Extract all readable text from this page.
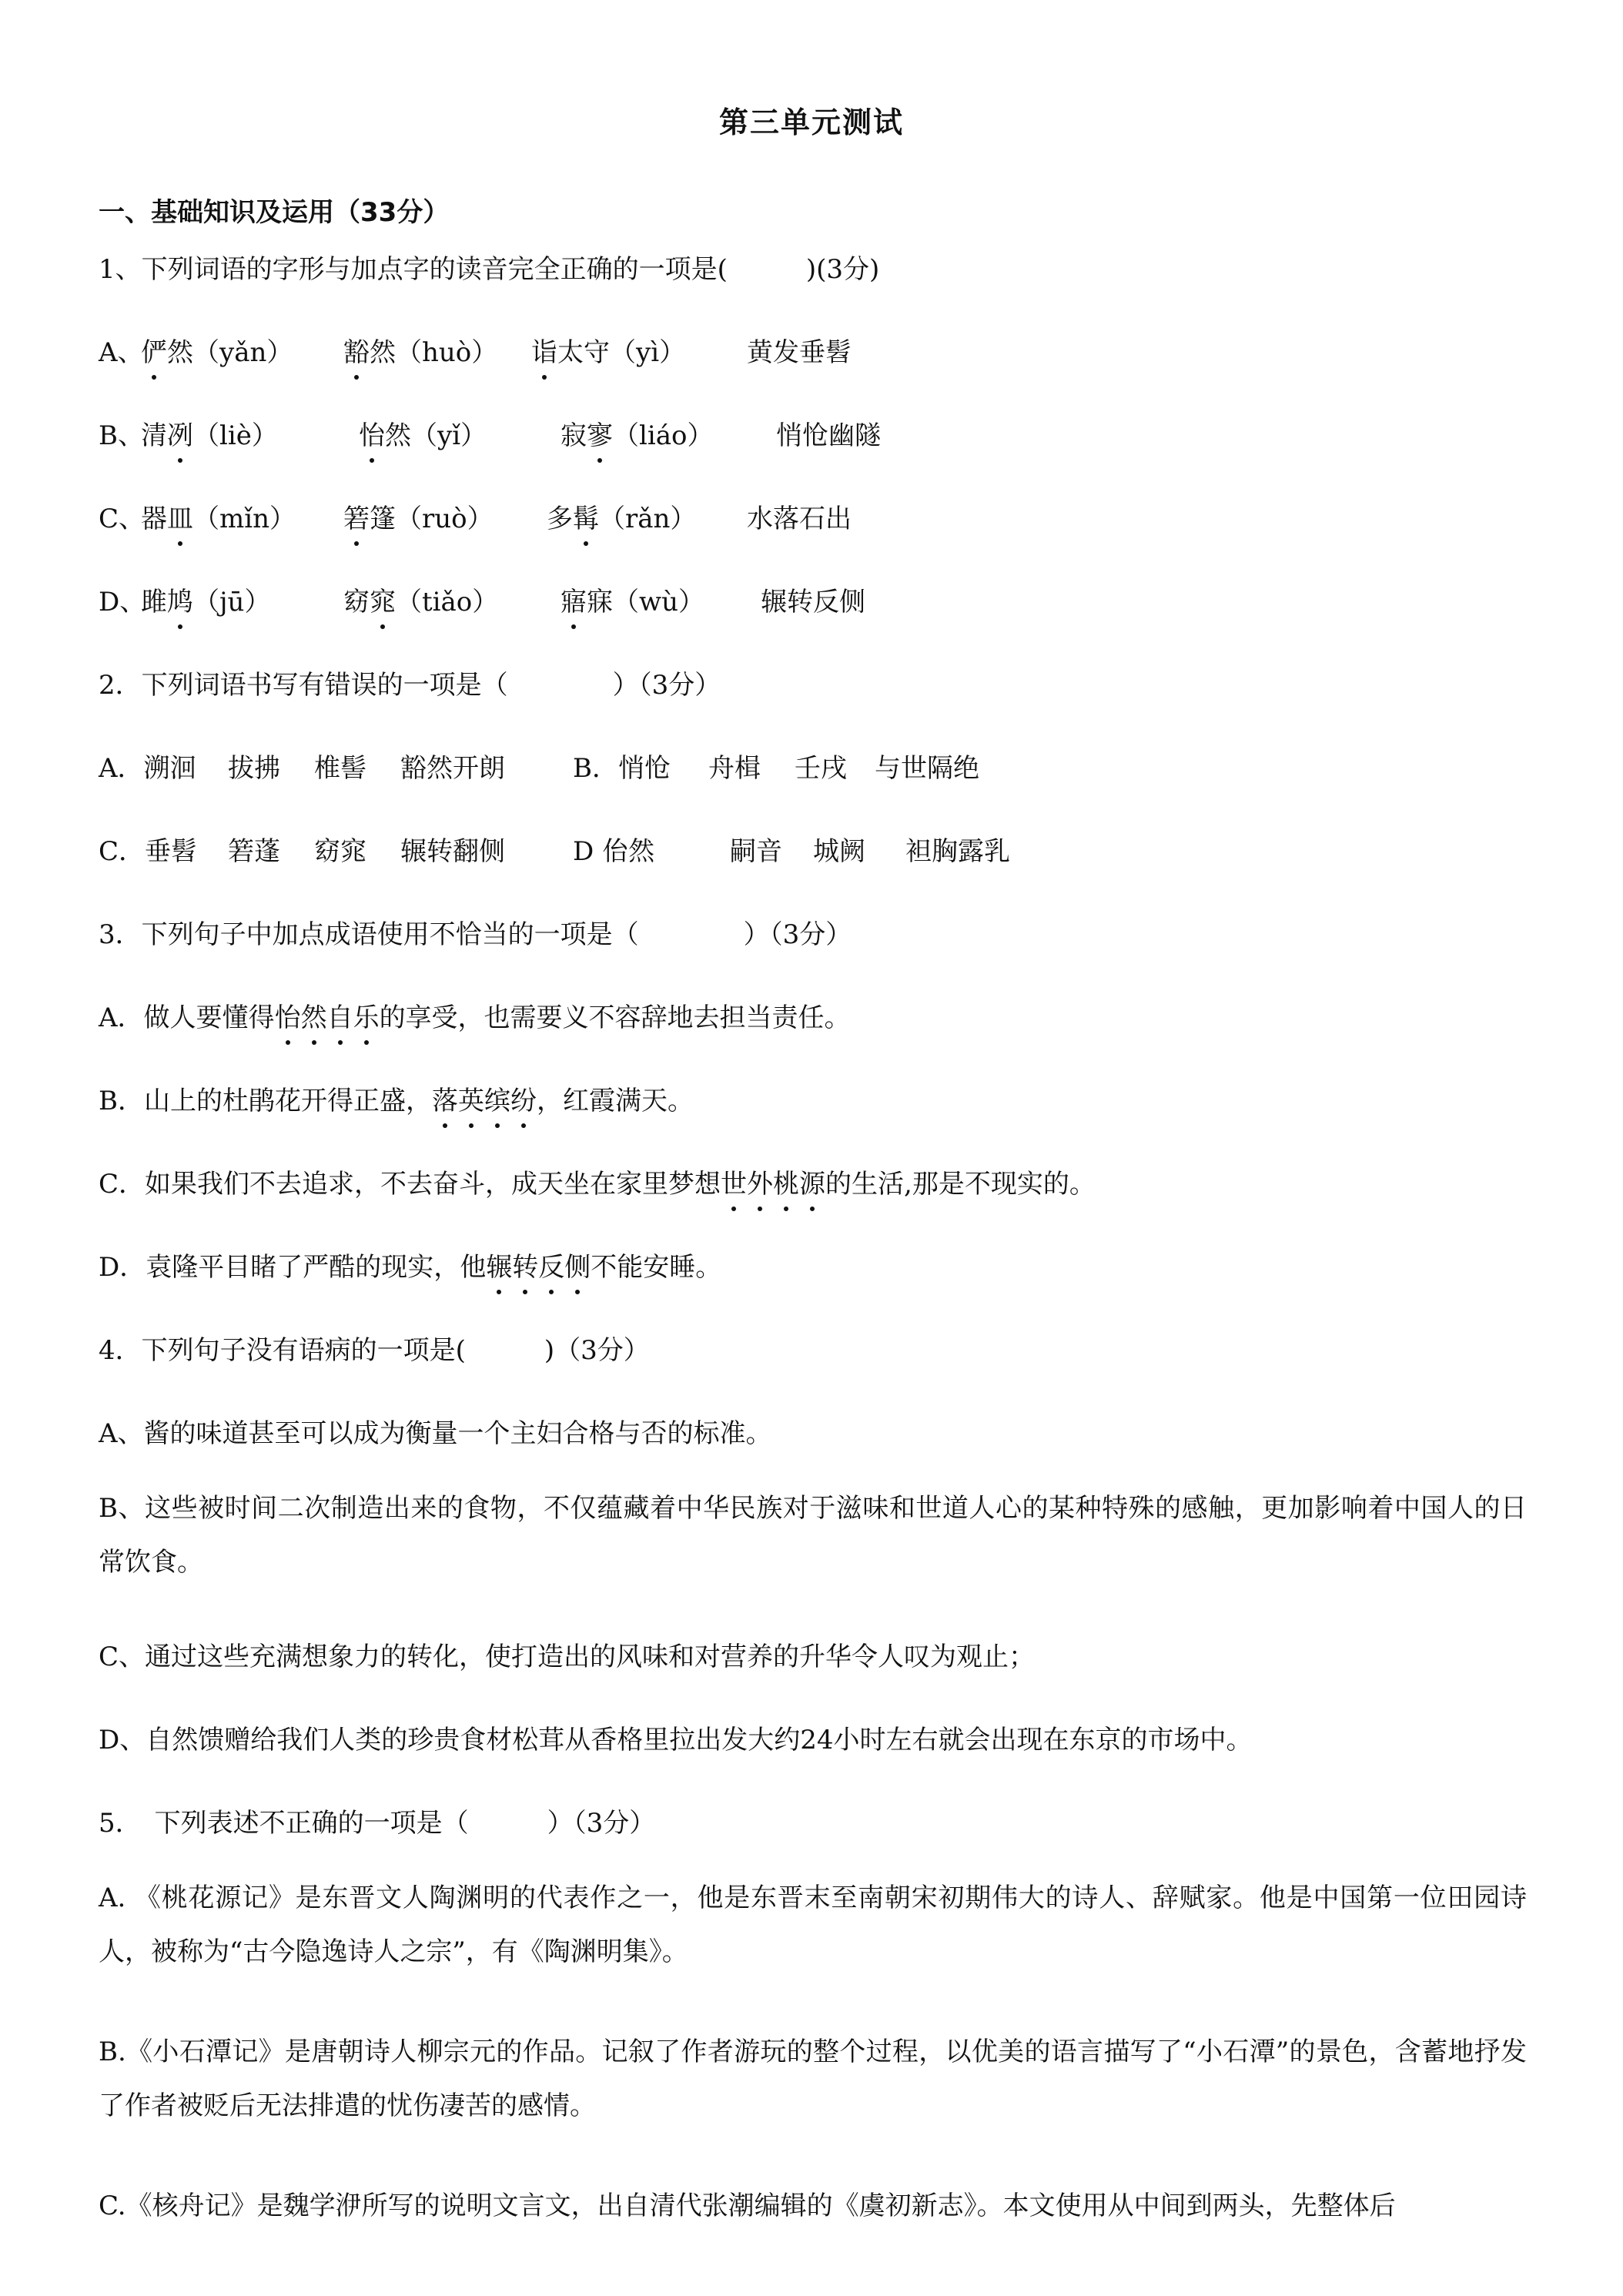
第三单元测试
一、基础知识及运用（33分）
1、下列词语的字形与加点字的读音完全正确的一项是(　　　)(3分)
A、
俨然（yǎn） 豁然（huò） 诣太守（yì） 黄发垂髫
B、
清冽（liè）	怡然（yǐ）	寂寥（liáo） 悄怆幽隧
C、
器皿（mǐn） 箬篷（ruò） 多髯（rǎn） 水落石出
D、
雎鸠（jū）	窈窕（tiǎo） 寤寐（wù） 辗转反侧
2．下列词语书写有错误的一项是（　　　　）（3分）
A．溯洄 拔拂 椎髻 豁然开朗	B．悄怆 舟楫 壬戌 与世隔绝
C．垂髫 箬蓬 窈窕 辗转翻侧	D 佁然	嗣音 城阙 袒胸露乳
3．下列句子中加点成语使用不恰当的一项是（　　　　）（3分）
A．做人要懂得怡然自乐的享受，也需要义不容辞地去担当责任。
B．山上的杜鹃花开得正盛，落英缤纷，红霞满天。
C．如果我们不去追求，不去奋斗，成天坐在家里梦想世外桃源的生活,那是不现实的。
D．袁隆平目睹了严酷的现实，他辗转反侧不能安睡。
4．下列句子没有语病的一项是(　　　)（3分）
A、酱的味道甚至可以成为衡量一个主妇合格与否的标准。
B、这些被时间二次制造出来的食物，不仅蕴藏着中华民族对于滋味和世道人心的某种特殊的感触，更加影响着中国人的日常饮食。
C、通过这些充满想象力的转化，使打造出的风味和对营养的升华令人叹为观止；
D、自然馈赠给我们人类的珍贵食材松茸从香格里拉出发大约24小时左右就会出现在东京的市场中。
5．　下列表述不正确的一项是（　　　）（3分）
A. 《桃花源记》是东晋文人陶渊明的代表作之一，他是东晋末至南朝宋初期伟大的诗人、辞赋家。他是中国第一位田园诗人，被称为“古今隐逸诗人之宗”，有《陶渊明集》。
B.《小石潭记》是唐朝诗人柳宗元的作品。记叙了作者游玩的整个过程，以优美的语言描写了“小石潭”的景色，含蓄地抒发了作者被贬后无法排遣的忧伤凄苦的感情。
C.《核舟记》是魏学洢所写的说明文言文，出自清代张潮编辑的《虞初新志》。本文使用从中间到两头，先整体后
